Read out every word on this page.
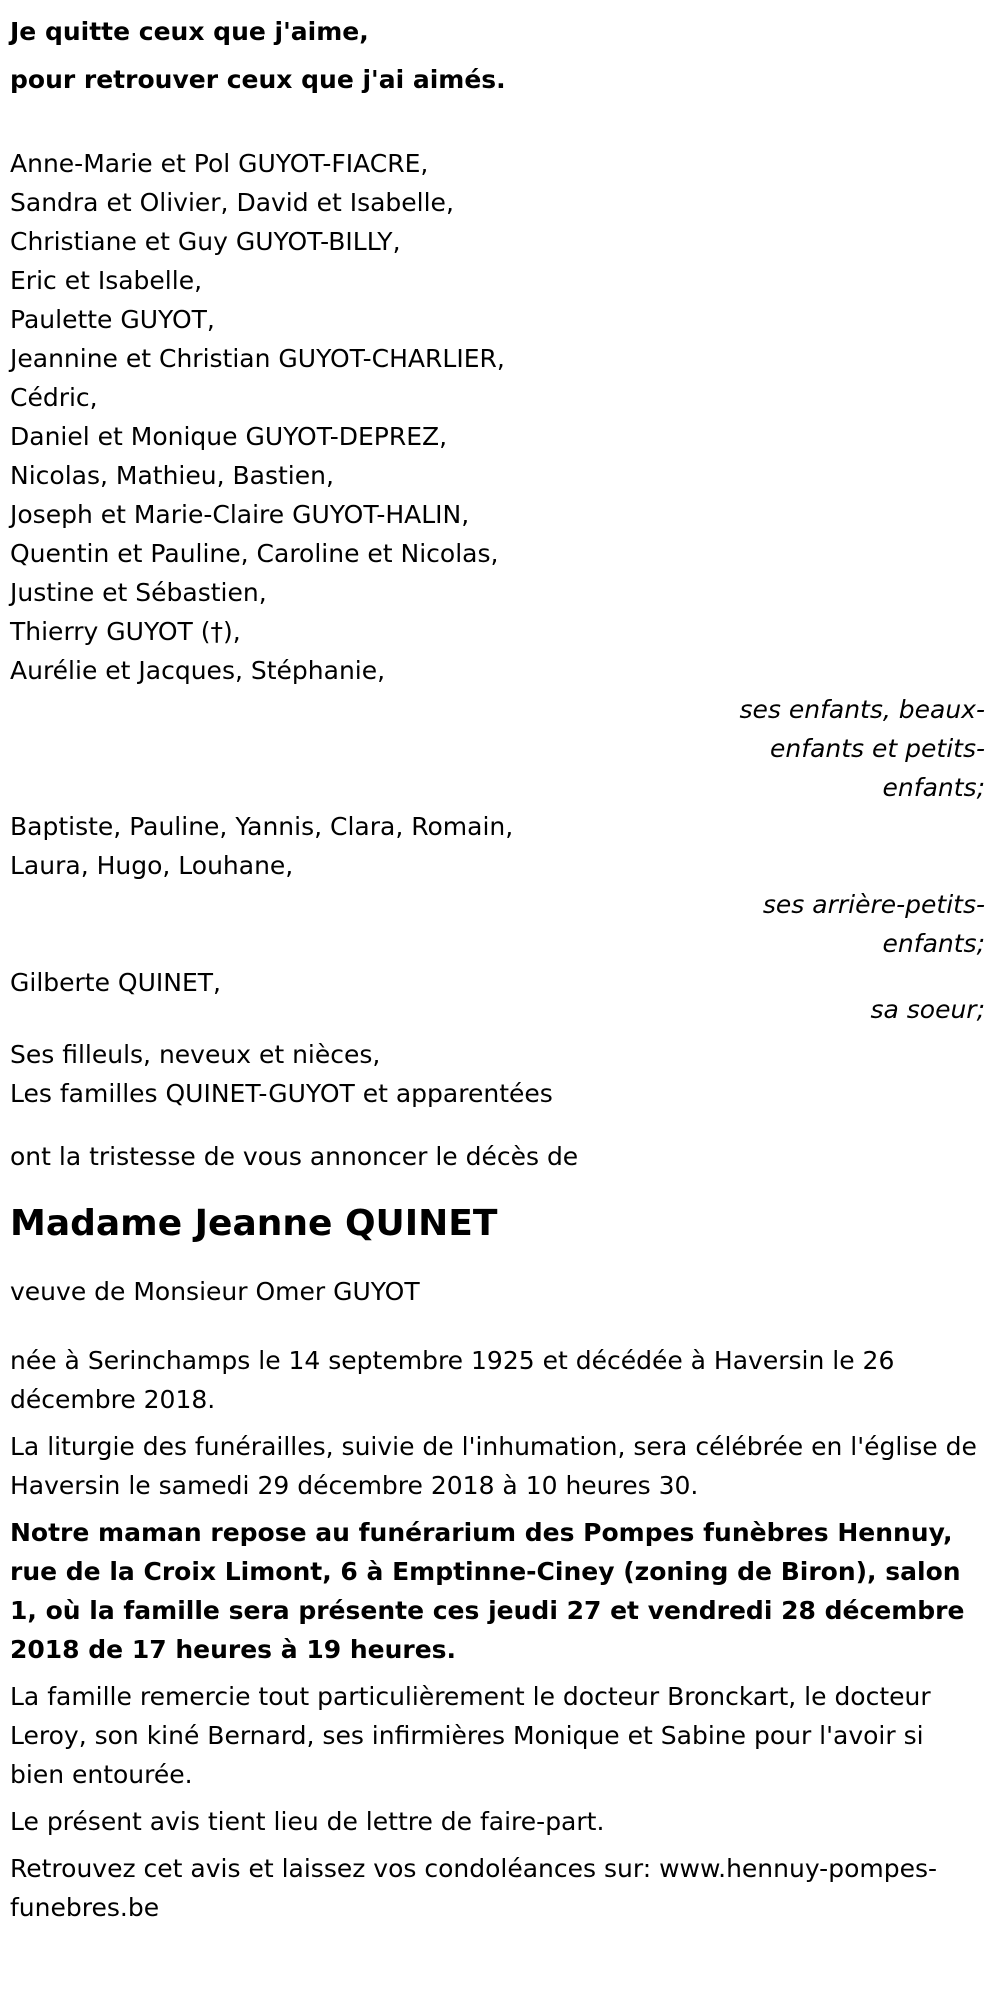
Je quitte ceux que j'aime,
pour retrouver ceux que j'ai aimés.
Anne-Marie et Pol GUYOT-FIACRE,
Sandra et Olivier, David et Isabelle,
Christiane et Guy GUYOT-BILLY,
Eric et Isabelle,
Paulette GUYOT,
Jeannine et Christian GUYOT-CHARLIER,
Cédric,
Daniel et Monique GUYOT-DEPREZ,
Nicolas, Mathieu, Bastien,
Joseph et Marie-Claire GUYOT-HALIN,
Quentin et Pauline, Caroline et Nicolas,
Justine et Sébastien,
Thierry GUYOT (†),
Aurélie et Jacques, Stéphanie,
ses enfants, beaux-
enfants et petits-
enfants;
Baptiste, Pauline, Yannis, Clara, Romain,
Laura, Hugo, Louhane,
ses arrière-petits-
enfants;
Gilberte QUINET,
sa soeur;
Ses filleuls, neveux et nièces,
Les familles QUINET-GUYOT et apparentées
ont la tristesse de vous annoncer le décès de
Madame Jeanne QUINET
veuve de Monsieur Omer GUYOT
née à Serinchamps le 14 septembre 1925 et décédée à Haversin le 26 décembre 2018.
La liturgie des funérailles, suivie de l'inhumation, sera célébrée en l'église de Haversin le samedi 29 décembre 2018 à 10 heures 30.
Notre maman repose au funérarium des Pompes funèbres Hennuy, rue de la Croix Limont, 6 à Emptinne-Ciney (zoning de Biron), salon 1, où la famille sera présente ces jeudi 27 et vendredi 28 décembre 2018 de 17 heures à 19 heures.
La famille remercie tout particulièrement le docteur Bronckart, le docteur Leroy, son kiné Bernard, ses infirmières Monique et Sabine pour l'avoir si bien entourée.
Le présent avis tient lieu de lettre de faire-part.
Retrouvez cet avis et laissez vos condoléances sur: www.hennuy-pompes-funebres.be
